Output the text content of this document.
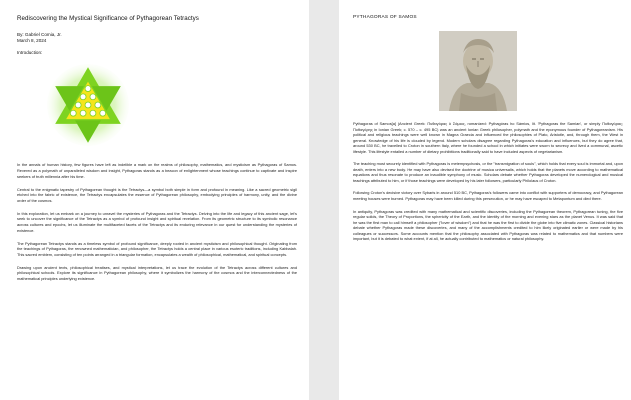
Rediscovering the Mystical Significance of Pythagorean Tetractys
By: Gabriel Comia, Jr.
March 8, 2024
Introduction:

In the annals of human history, few figures have left as indelible a mark on the realms of philosophy, mathematics, and mysticism as Pythagoras of Samos. Revered as a polymath of unparalleled wisdom and insight, Pythagoras stands as a beacon of enlightenment whose teachings continue to captivate and inspire seekers of truth millennia after his time.

Central to the enigmatic tapestry of Pythagorean thought is the Tetractys—a symbol both simple in form and profound in meaning. Like a sacred geometric sigil etched into the fabric of existence, the Tetractys encapsulates the essence of Pythagorean philosophy, embodying principles of harmony, unity, and the divine order of the cosmos.

In this exploration, let us embark on a journey to unravel the mysteries of Pythagoras and the Tetractys. Delving into the life and legacy of this ancient sage, let's seek to uncover the significance of the Tetractys as a symbol of profound insight and spiritual revelation. From its geometric structure to its symbolic resonance across cultures and epochs, let us illuminate the multifaceted facets of the Tetractys and its enduring relevance in our quest for understanding the mysteries of existence.

The Pythagorean Tetractys stands as a timeless symbol of profound significance, deeply rooted in ancient mysticism and philosophical thought. Originating from the teachings of Pythagoras, the renowned mathematician, and philosopher, the Tetractys holds a central place in various esoteric traditions, including Kabbalah. This sacred emblem, consisting of ten points arranged in a triangular formation, encapsulates a wealth of philosophical, mathematical, and spiritual concepts.

Drawing upon ancient texts, philosophical treatises, and mystical interpretations, let us trace the evolution of the Tetractys across different cultures and philosophical schools. Explore its significance in Pythagorean philosophy, where it symbolizes the harmony of the cosmos and the interconnectedness of the mathematical principles underlying existence.

PYTHAGORAS OF SAMOS

Pythagoras of Samos[a] (Ancient Greek: Πυθαγόρας ὁ Σάμιος, romanized: Pythagóras ho Sámios, lit. 'Pythagoras the Samian', or simply Πυθαγόρας; Πυθαγόρης in Ionian Greek; c. 570 – c. 495 BC) was an ancient Ionian Greek philosopher, polymath and the eponymous founder of Pythagoreanism. His political and religious teachings were well known in Magna Graecia and influenced the philosophies of Plato, Aristotle, and, through them, the West in general. Knowledge of his life is clouded by legend. Modern scholars disagree regarding Pythagoras's education and influences, but they do agree that, around 530 BC, he travelled to Croton in southern Italy, where he founded a school in which initiates were sworn to secrecy and lived a communal, ascetic lifestyle. This lifestyle entailed a number of dietary prohibitions traditionally said to have included aspects of vegetarianism.

The teaching most securely identified with Pythagoras is metempsychosis, or the "transmigration of souls", which holds that every soul is immortal and, upon death, enters into a new body. He may have also devised the doctrine of musica universalis, which holds that the planets move according to mathematical equations and thus resonate to produce an inaudible symphony of music. Scholars debate whether Pythagoras developed the numerological and musical teachings attributed to him, or if those teachings were developed by his later followers, particularly Philolaus of Croton.

Following Croton's decisive victory over Sybaris in around 510 BC, Pythagoras's followers came into conflict with supporters of democracy, and Pythagorean meeting houses were burned. Pythagoras may have been killed during this persecution, or he may have escaped to Metapontum and died there.

In antiquity, Pythagoras was credited with many mathematical and scientific discoveries, including the Pythagorean theorem, Pythagorean tuning, the five regular solids, the Theory of Proportions, the sphericity of the Earth, and the identity of the morning and evening stars as the planet Venus. It was said that he was the first man to call himself a philosopher ("lover of wisdom") and that he was the first to divide the globe into five climatic zones. Classical historians debate whether Pythagoras made these discoveries, and many of the accomplishments credited to him likely originated earlier or were made by his colleagues or successors. Some accounts mention that the philosophy associated with Pythagoras was related to mathematics and that numbers were important, but it is debated to what extent, if at all, he actually contributed to mathematics or natural philosophy.
